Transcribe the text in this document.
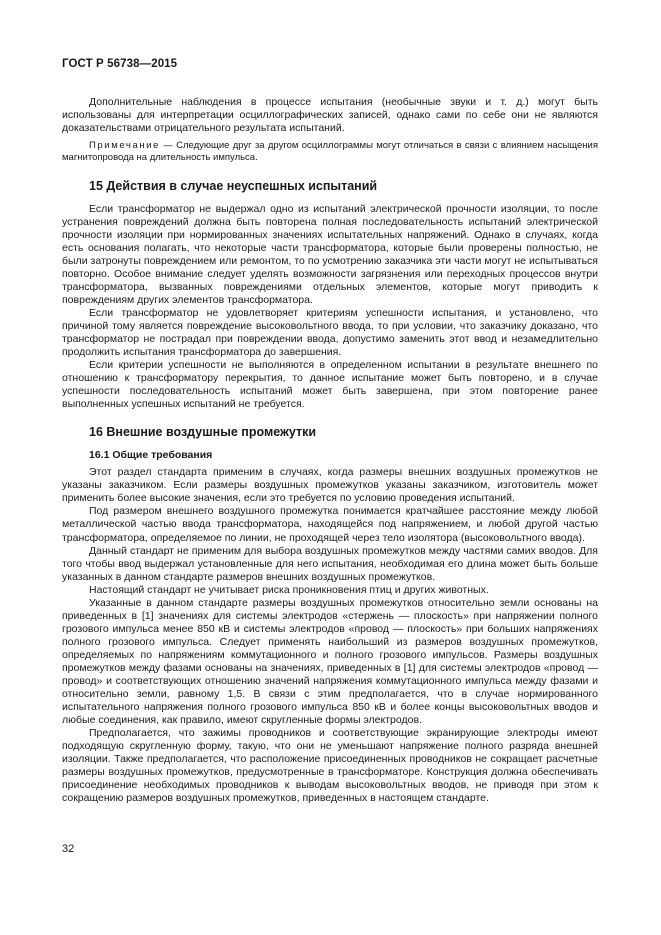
ГОСТ Р 56738—2015

Дополнительные наблюдения в процессе испытания (необычные звуки и т. д.) могут быть использованы для интерпретации осциллографических записей, однако сами по себе они не являются доказательствами отрицательного результата испытаний.

Примечание — Следующие друг за другом осциллограммы могут отличаться в связи с влиянием насыщения магнитопровода на длительность импульса.

15 Действия в случае неуспешных испытаний

Если трансформатор не выдержал одно из испытаний электрической прочности изоляции, то после устранения повреждений должна быть повторена полная последовательность испытаний электрической прочности изоляции при нормированных значениях испытательных напряжений. Однако в случаях, когда есть основания полагать, что некоторые части трансформатора, которые были проверены полностью, не были затронуты повреждением или ремонтом, то по усмотрению заказчика эти части могут не испытываться повторно. Особое внимание следует уделять возможности загрязнения или переходных процессов внутри трансформатора, вызванных повреждениями отдельных элементов, которые могут приводить к повреждениям других элементов трансформатора.

Если трансформатор не удовлетворяет критериям успешности испытания, и установлено, что причиной тому является повреждение высоковольтного ввода, то при условии, что заказчику доказано, что трансформатор не пострадал при повреждении ввода, допустимо заменить этот ввод и незамедлительно продолжить испытания трансформатора до завершения.

Если критерии успешности не выполняются в определенном испытании в результате внешнего по отношению к трансформатору перекрытия, то данное испытание может быть повторено, и в случае успешности последовательность испытаний может быть завершена, при этом повторение ранее выполненных успешных испытаний не требуется.

16 Внешние воздушные промежутки
16.1 Общие требования

Этот раздел стандарта применим в случаях, когда размеры внешних воздушных промежутков не указаны заказчиком. Если размеры воздушных промежутков указаны заказчиком, изготовитель может применить более высокие значения, если это требуется по условию проведения испытаний.

Под размером внешнего воздушного промежутка понимается кратчайшее расстояние между любой металлической частью ввода трансформатора, находящейся под напряжением, и любой другой частью трансформатора, определяемое по линии, не проходящей через тело изолятора (высоковольтного ввода).

Данный стандарт не применим для выбора воздушных промежутков между частями самих вводов. Для того чтобы ввод выдержал установленные для него испытания, необходимая его длина может быть больше указанных в данном стандарте размеров внешних воздушных промежутков.

Настоящий стандарт не учитывает риска проникновения птиц и других животных.

Указанные в данном стандарте размеры воздушных промежутков относительно земли основаны на приведенных в [1] значениях для системы электродов «стержень — плоскость» при напряжении полного грозового импульса менее 850 кВ и системы электродов «провод — плоскость» при больших напряжениях полного грозового импульса. Следует применять наибольший из размеров воздушных промежутков, определяемых по напряжениям коммутационного и полного грозового импульсов. Размеры воздушных промежутков между фазами основаны на значениях, приведенных в [1] для системы электродов «провод — провод» и соответствующих отношению значений напряжения коммутационного импульса между фазами и относительно земли, равному 1,5. В связи с этим предполагается, что в случае нормированного испытательного напряжения полного грозового импульса 850 кВ и более концы высоковольтных вводов и любые соединения, как правило, имеют скругленные формы электродов.

Предполагается, что зажимы проводников и соответствующие экранирующие электроды имеют подходящую скругленную форму, такую, что они не уменьшают напряжение полного разряда внешней изоляции. Также предполагается, что расположение присоединенных проводников не сокращает расчетные размеры воздушных промежутков, предусмотренные в трансформаторе. Конструкция должна обеспечивать присоединение необходимых проводников к выводам высоковольтных вводов, не приводя при этом к сокращению размеров воздушных промежутков, приведенных в настоящем стандарте.

32
